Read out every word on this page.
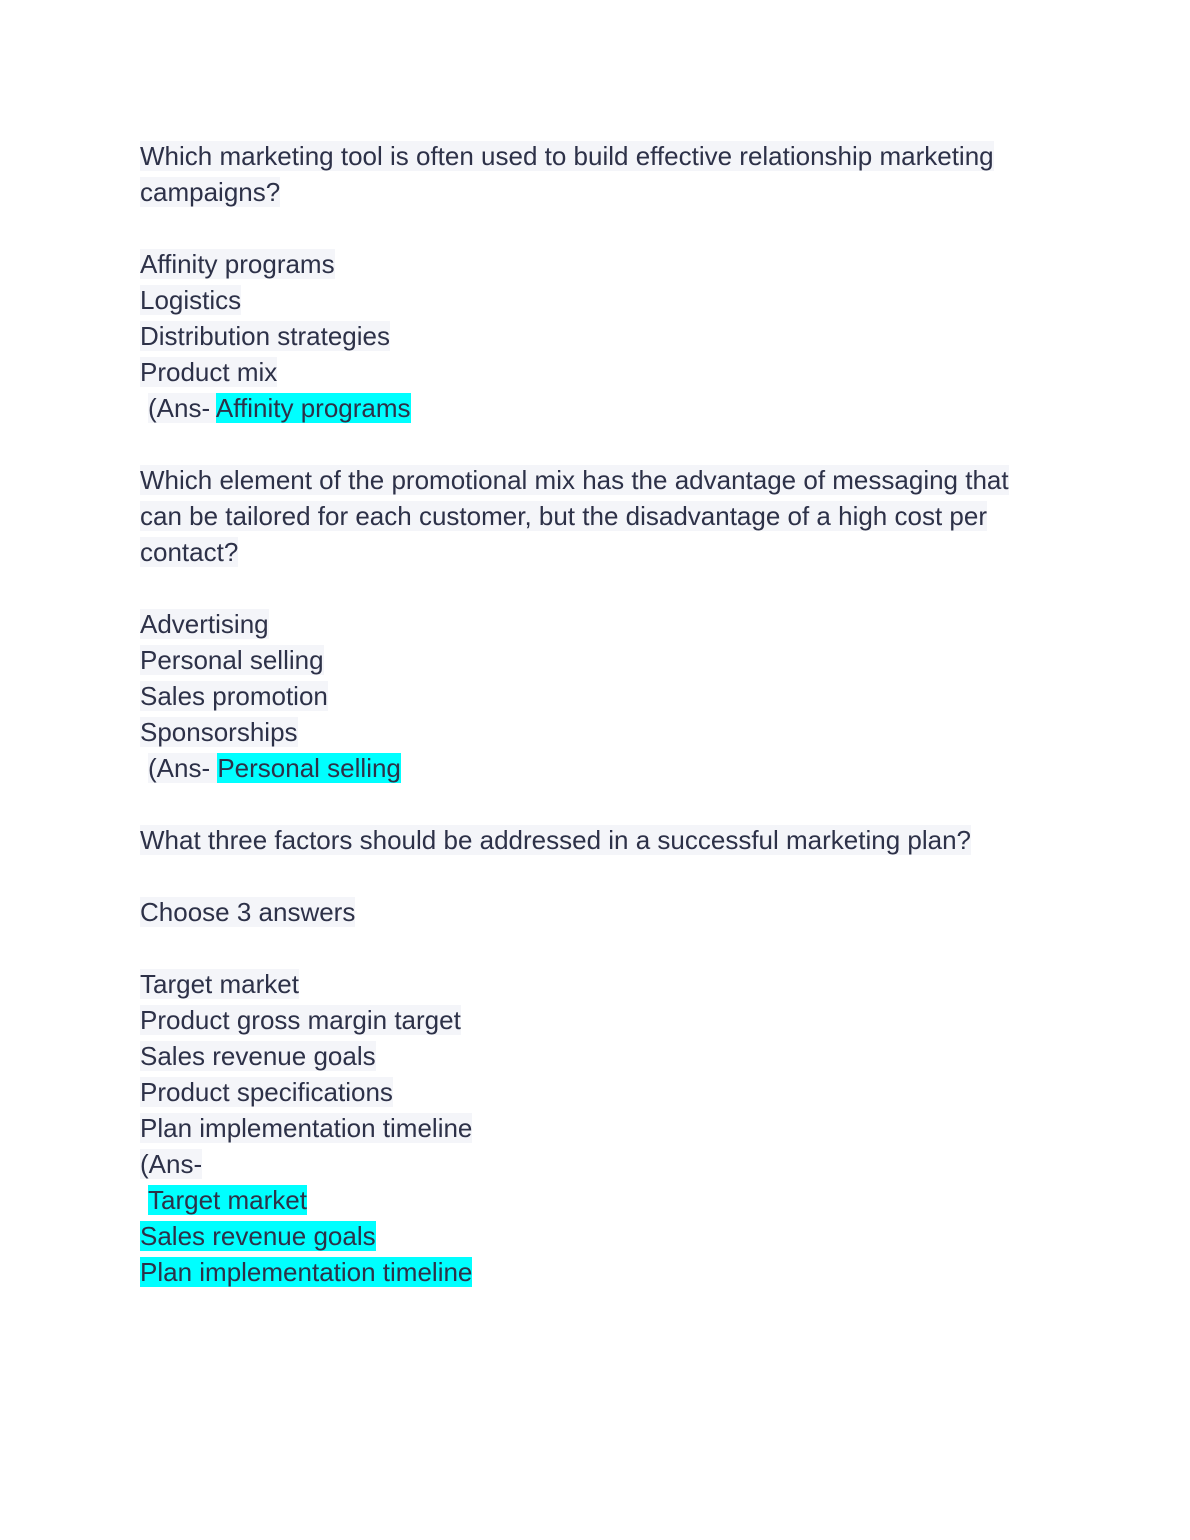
Which marketing tool is often used to build effective relationship marketing
campaigns?
Affinity programs
Logistics
Distribution strategies
Product mix
(Ans- Affinity programs
Which element of the promotional mix has the advantage of messaging that
can be tailored for each customer, but the disadvantage of a high cost per
contact?
Advertising
Personal selling
Sales promotion
Sponsorships
(Ans- Personal selling
What three factors should be addressed in a successful marketing plan?
Choose 3 answers
Target market
Product gross margin target
Sales revenue goals
Product specifications
Plan implementation timeline
(Ans-
Target market
Sales revenue goals
Plan implementation timeline
